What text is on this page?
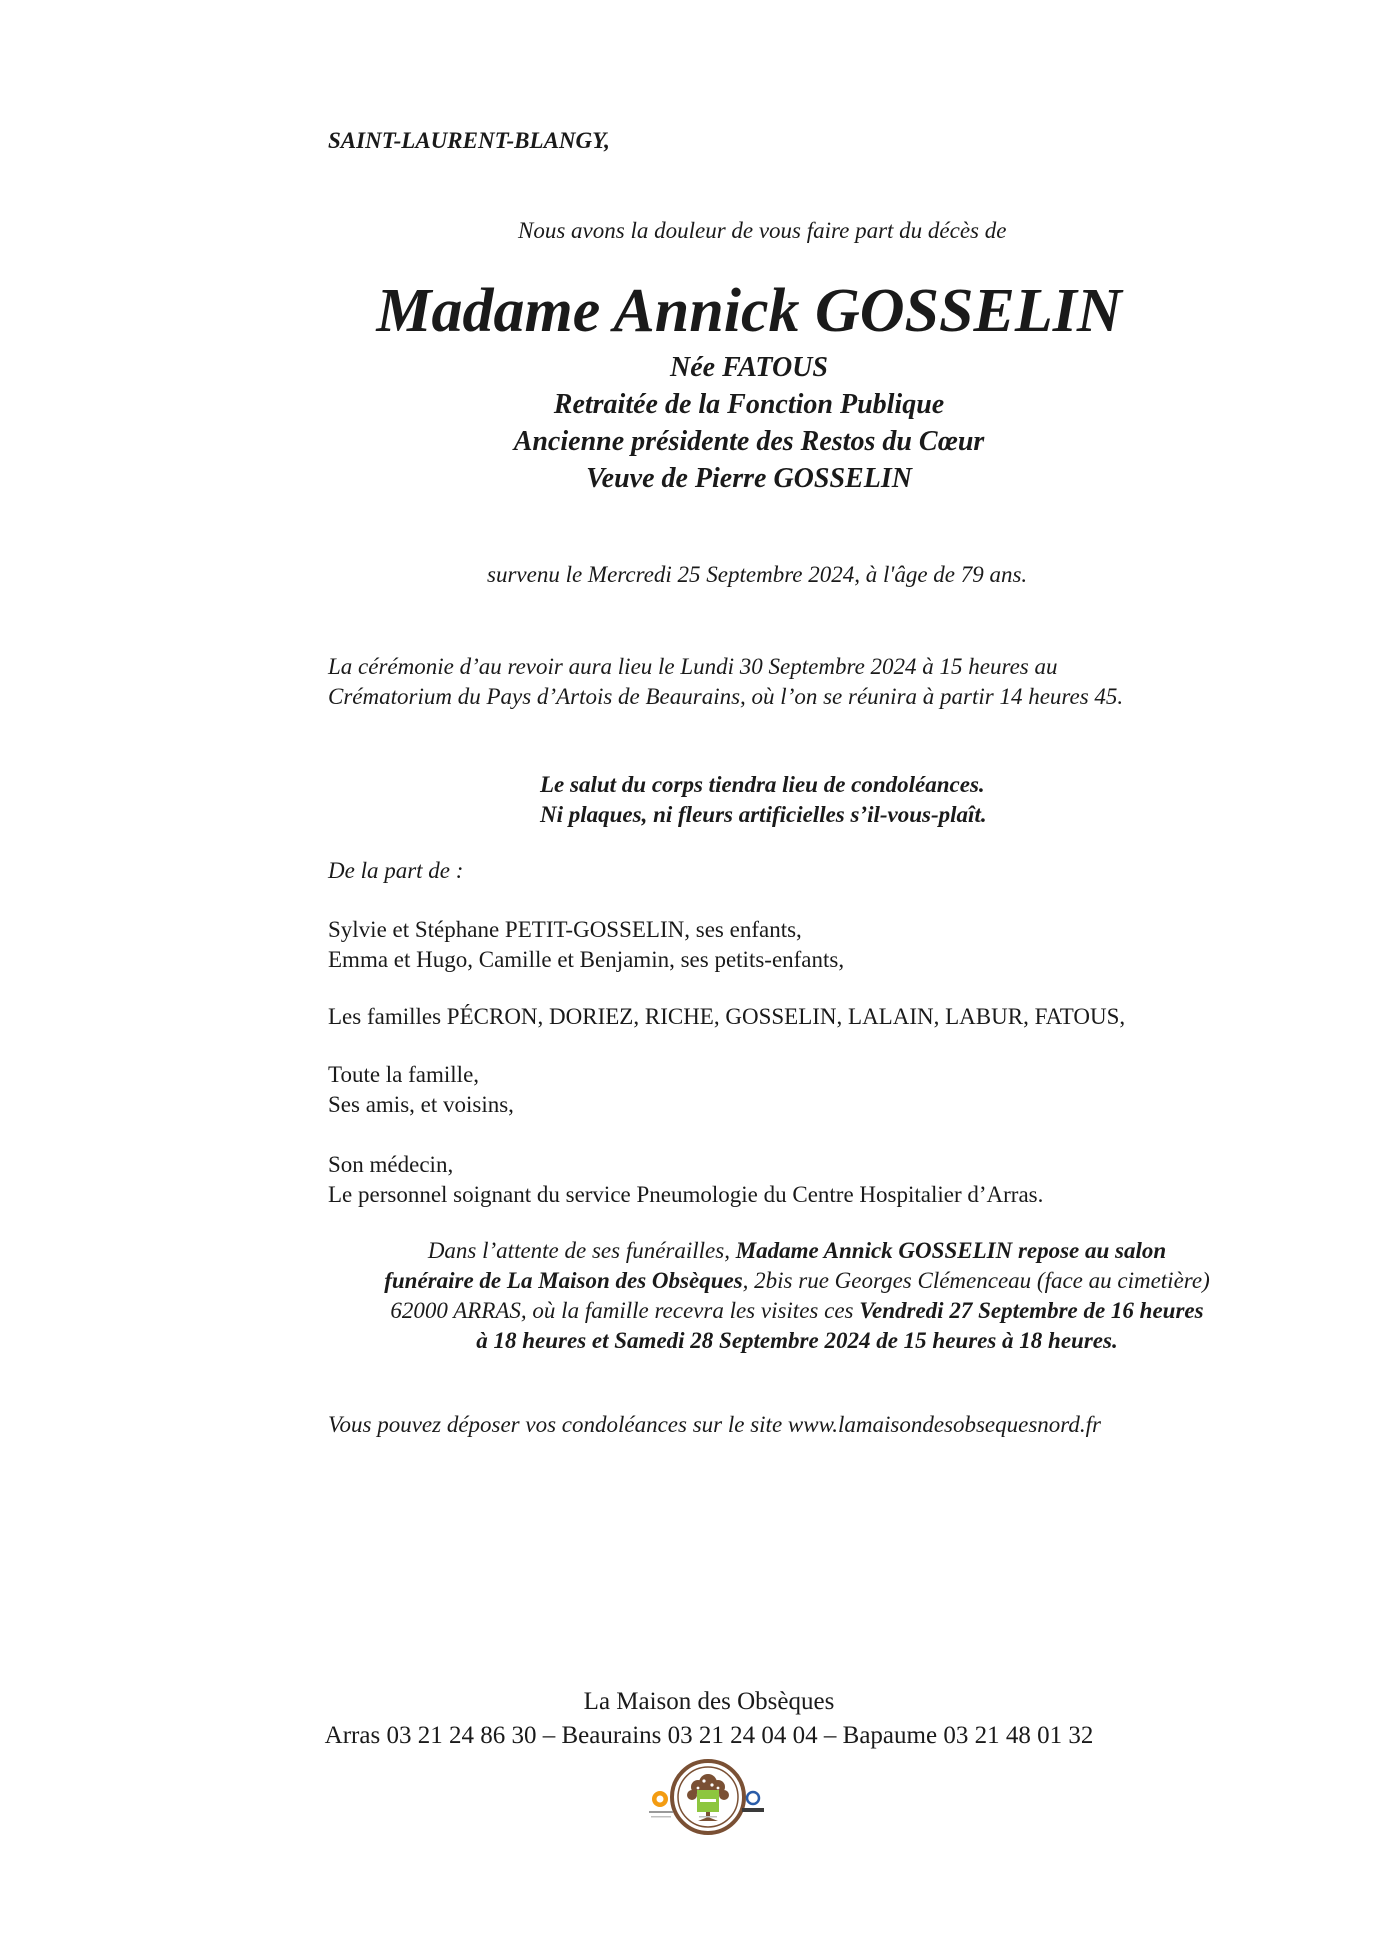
SAINT-LAURENT-BLANGY,
Nous avons la douleur de vous faire part du décès de
Madame Annick GOSSELIN
Née FATOUS
Retraitée de la Fonction Publique
Ancienne présidente des Restos du Cœur
Veuve de Pierre GOSSELIN
survenu le Mercredi 25 Septembre 2024, à l'âge de 79 ans.
La cérémonie d’au revoir aura lieu le Lundi 30 Septembre 2024 à 15 heures au
Crématorium du Pays d’Artois de Beaurains, où l’on se réunira à partir 14 heures 45.
Le salut du corps tiendra lieu de condoléances.
Ni plaques, ni fleurs artificielles s’il-vous-plaît.
De la part de :
Sylvie et Stéphane PETIT-GOSSELIN, ses enfants,
Emma et Hugo, Camille et Benjamin, ses petits-enfants,
Les familles PÉCRON, DORIEZ, RICHE, GOSSELIN, LALAIN, LABUR, FATOUS,
Toute la famille,
Ses amis, et voisins,
Son médecin,
Le personnel soignant du service Pneumologie du Centre Hospitalier d’Arras.
Dans l’attente de ses funérailles, Madame Annick GOSSELIN repose au salon
funéraire de La Maison des Obsèques, 2bis rue Georges Clémenceau (face au cimetière)
62000 ARRAS, où la famille recevra les visites ces Vendredi 27 Septembre de 16 heures
à 18 heures et Samedi 28 Septembre 2024 de 15 heures à 18 heures.
Vous pouvez déposer vos condoléances sur le site www.lamaisondesobsequesnord.fr
La Maison des Obsèques
Arras 03 21 24 86 30 – Beaurains 03 21 24 04 04 – Bapaume 03 21 48 01 32
